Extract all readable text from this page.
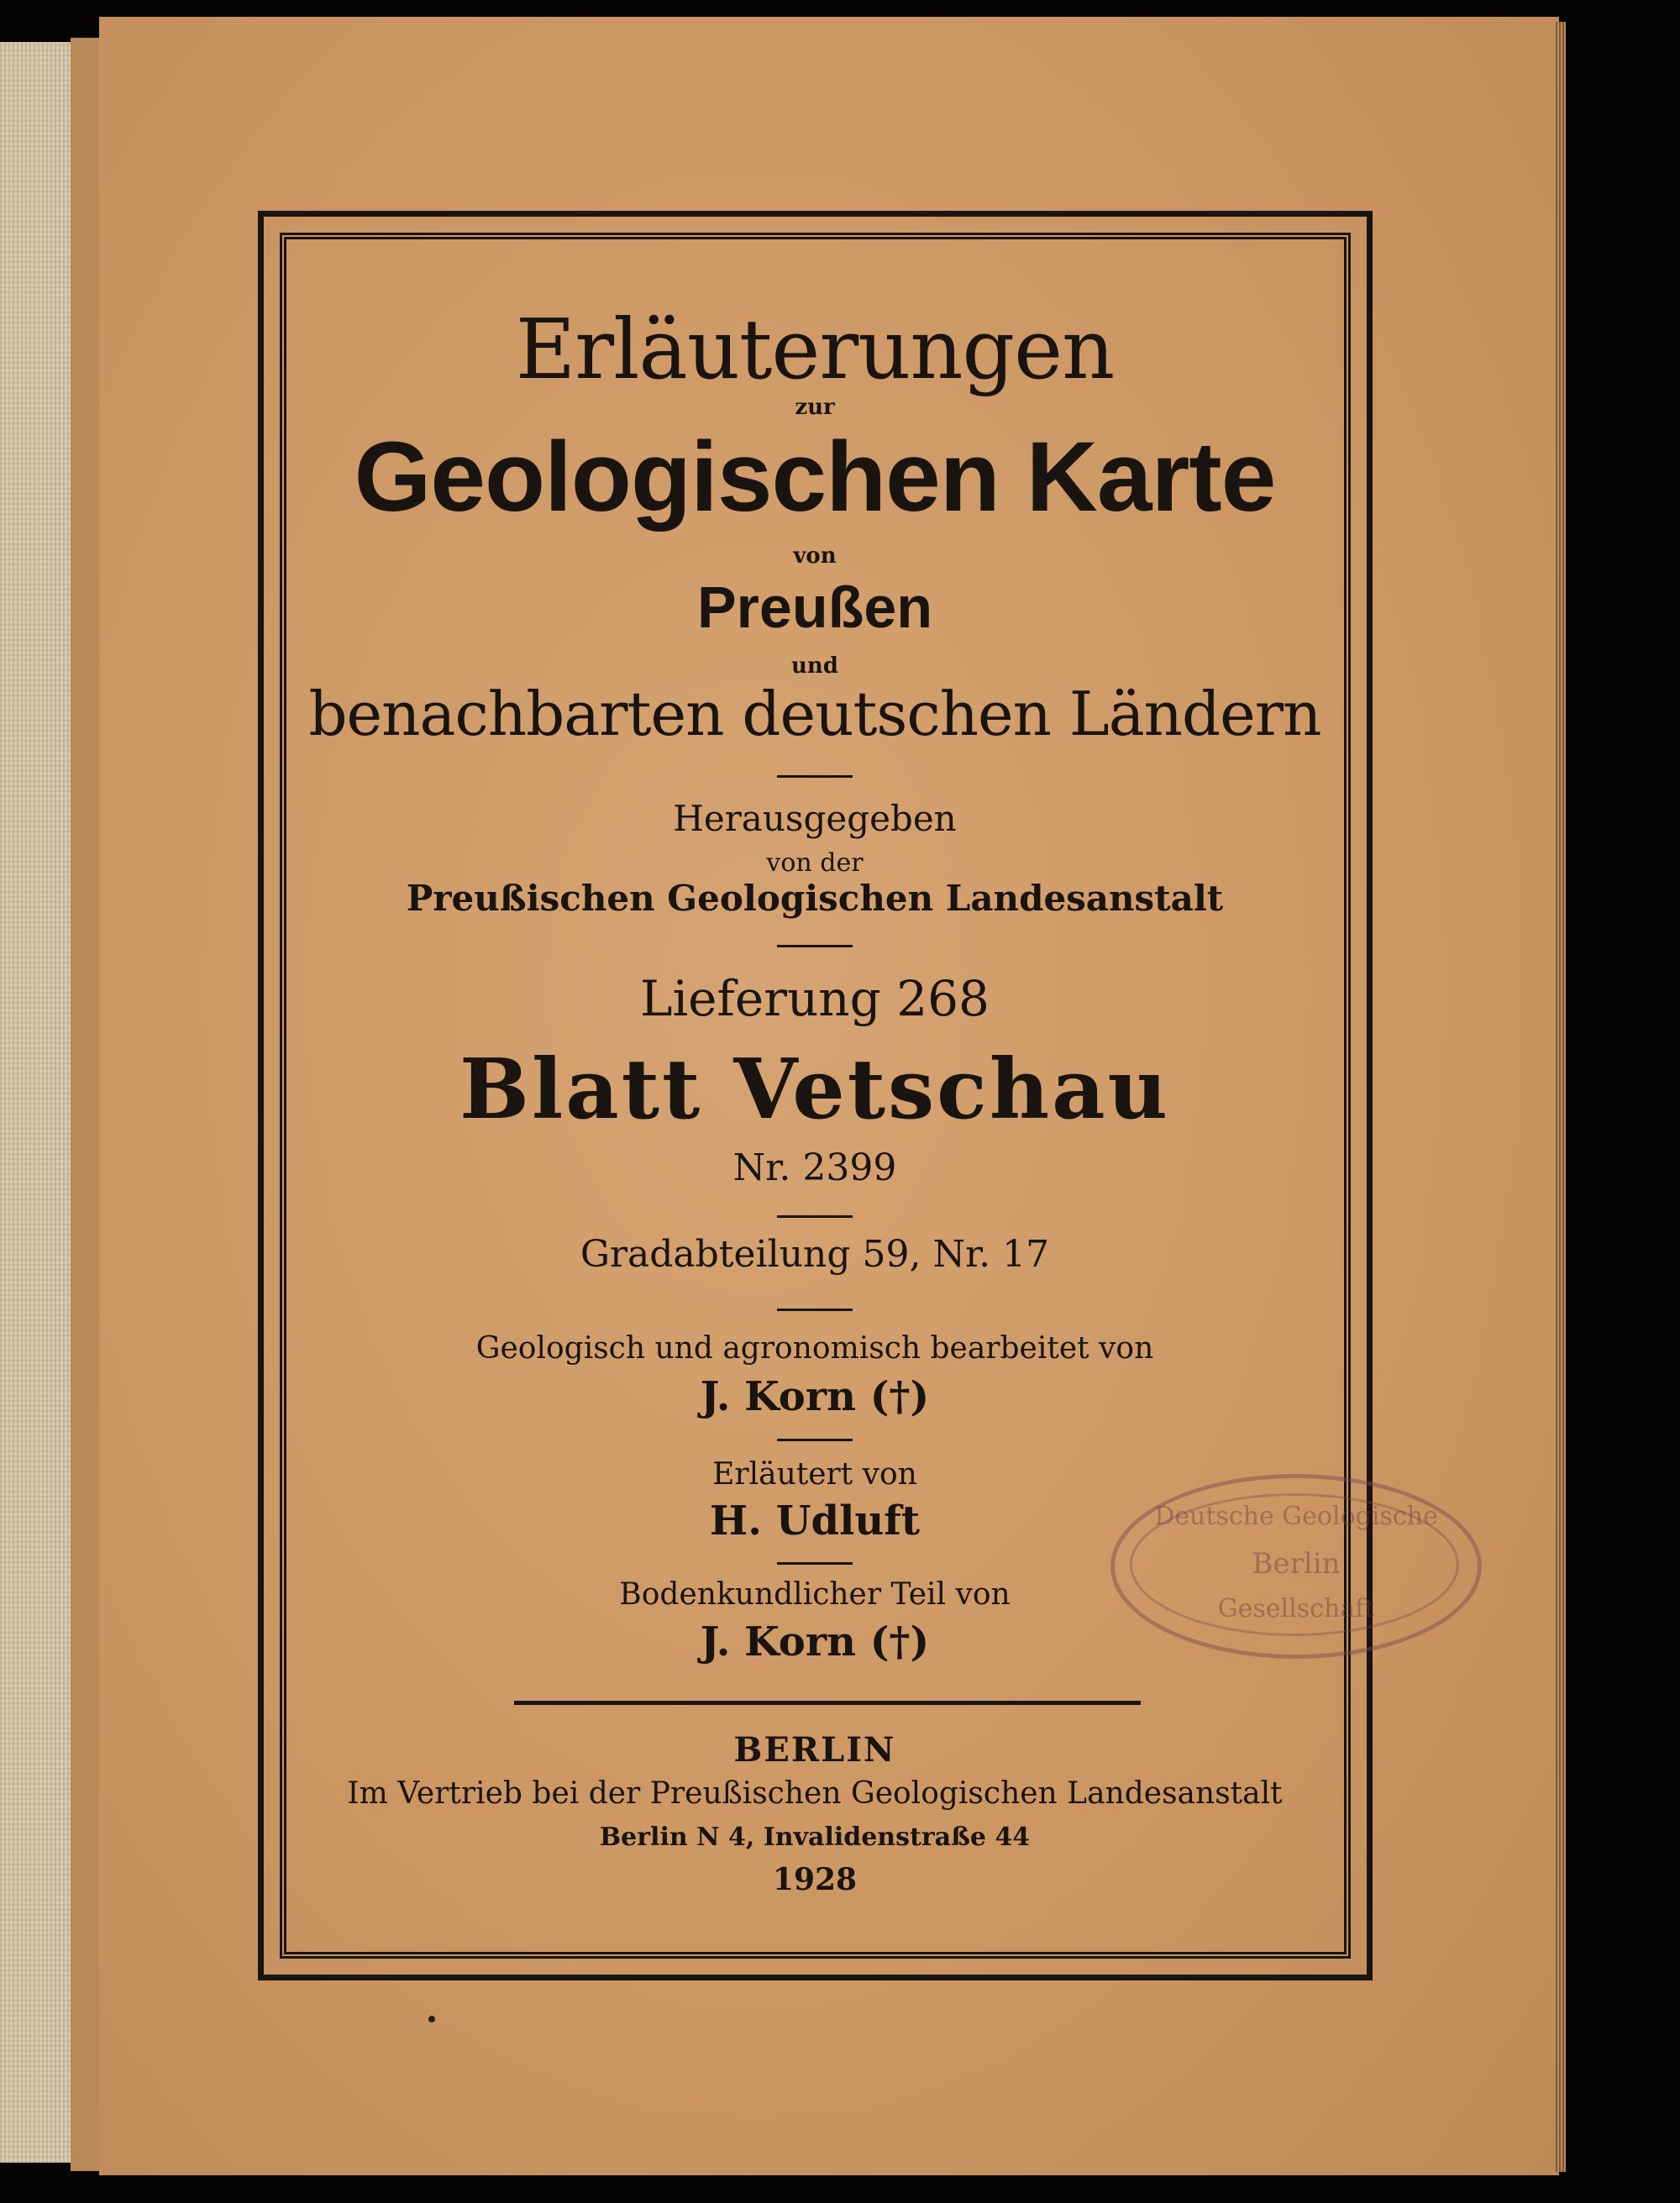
Erläuterungen
zur
Geologischen Karte
von
Preußen
und
benachbarten deutschen Ländern
Herausgegeben
von der
Preußischen Geologischen Landesanstalt
Lieferung 268
Blatt Vetschau
Nr. 2399
Gradabteilung 59, Nr. 17
Geologisch und agronomisch bearbeitet von
J. Korn (†)
Erläutert von
H. Udluft
Bodenkundlicher Teil von
J. Korn (†)
BERLIN
Im Vertrieb bei der Preußischen Geologischen Landesanstalt
Berlin N 4, Invalidenstraße 44
1928
Deutsche Geologische
Berlin
Gesellschaft
